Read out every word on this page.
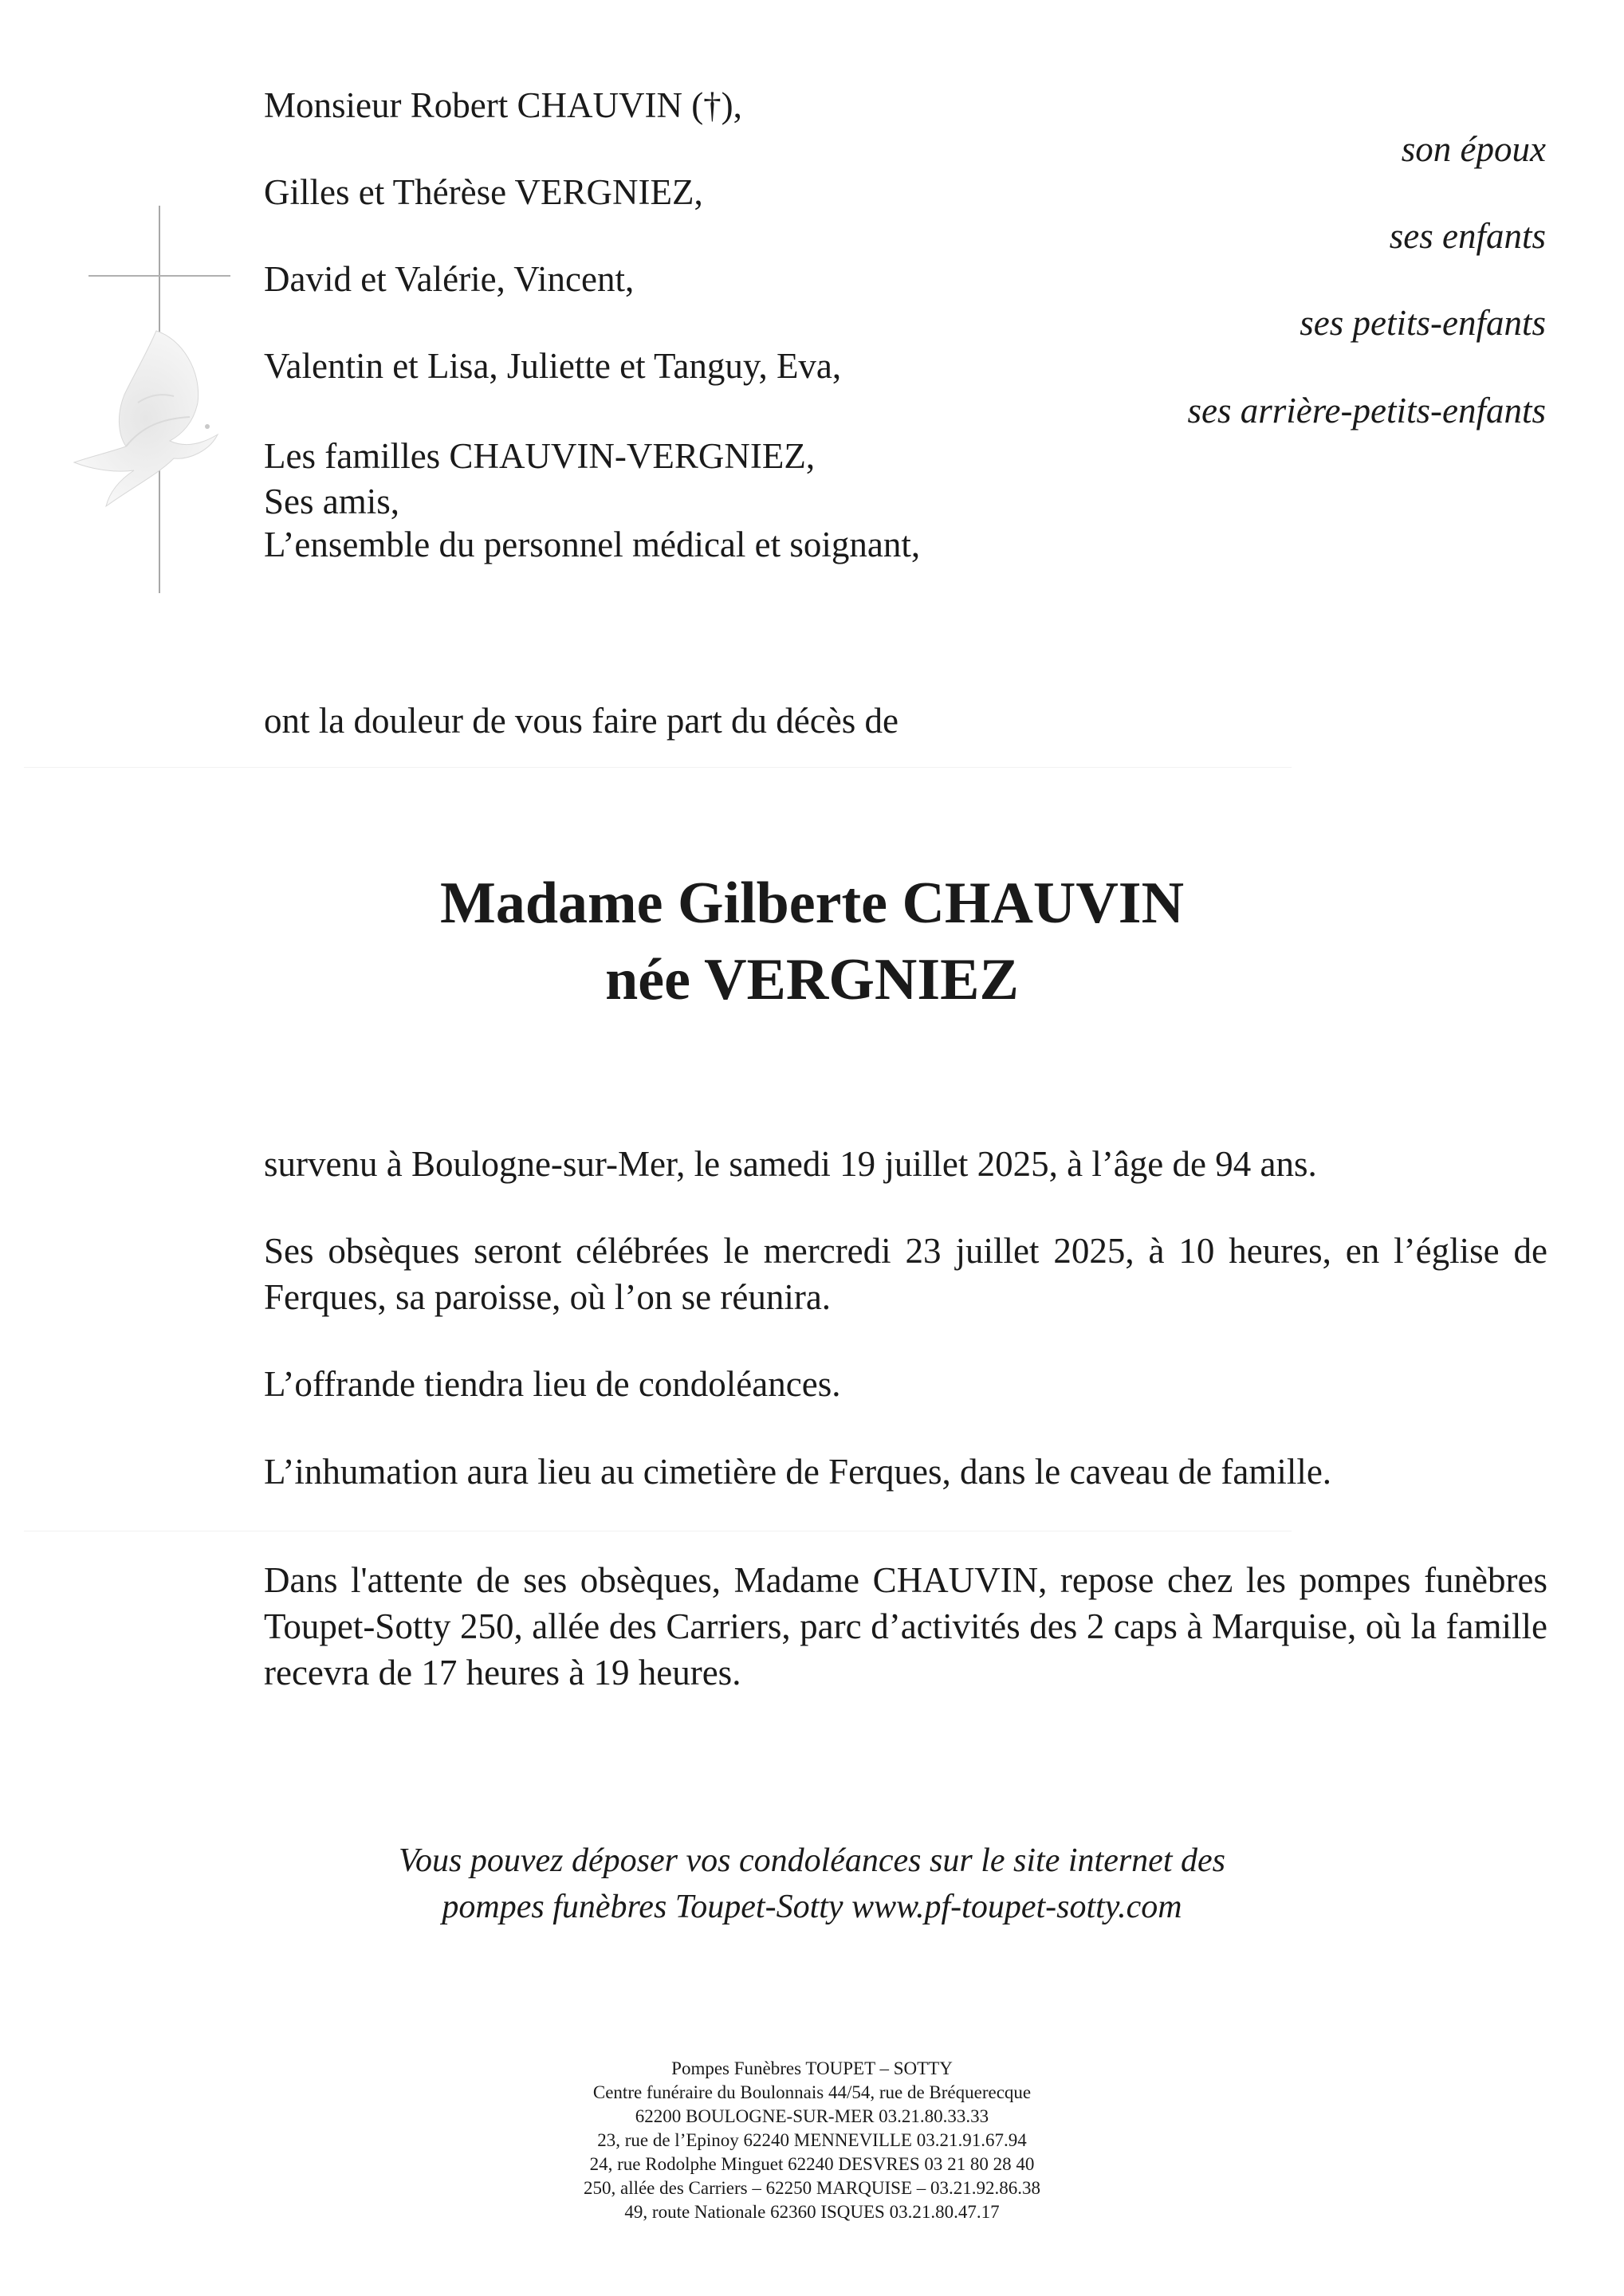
Monsieur Robert CHAUVIN (†),
Gilles et Thérèse VERGNIEZ,
David et Valérie, Vincent,
Valentin et Lisa, Juliette et Tanguy, Eva,
Les familles CHAUVIN-VERGNIEZ,
Ses amis,
L’ensemble du personnel médical et soignant,
son époux
ses enfants
ses petits-enfants
ses arrière-petits-enfants
ont la douleur de vous faire part du décès de
Madame Gilberte CHAUVIN
née VERGNIEZ
survenu à Boulogne-sur-Mer, le samedi 19 juillet 2025, à l’âge de 94 ans.
Ses obsèques seront célébrées le mercredi 23 juillet 2025, à 10 heures, en l’église de Ferques, sa paroisse, où l’on se réunira.
L’offrande tiendra lieu de condoléances.
L’inhumation aura lieu au cimetière de Ferques, dans le caveau de famille.
Dans l'attente de ses obsèques, Madame CHAUVIN, repose chez les pompes funèbres Toupet-Sotty 250, allée des Carriers, parc d’activités des 2 caps à Marquise, où la famille recevra de 17 heures à 19 heures.
Vous pouvez déposer vos condoléances sur le site internet des
pompes funèbres Toupet-Sotty www.pf-toupet-sotty.com
Pompes Funèbres TOUPET – SOTTY
Centre funéraire du Boulonnais 44/54, rue de Bréquerecque
62200 BOULOGNE-SUR-MER 03.21.80.33.33
23, rue de l’Epinoy 62240 MENNEVILLE 03.21.91.67.94
24, rue Rodolphe Minguet 62240 DESVRES 03 21 80 28 40
250, allée des Carriers – 62250 MARQUISE – 03.21.92.86.38
49, route Nationale 62360 ISQUES 03.21.80.47.17
